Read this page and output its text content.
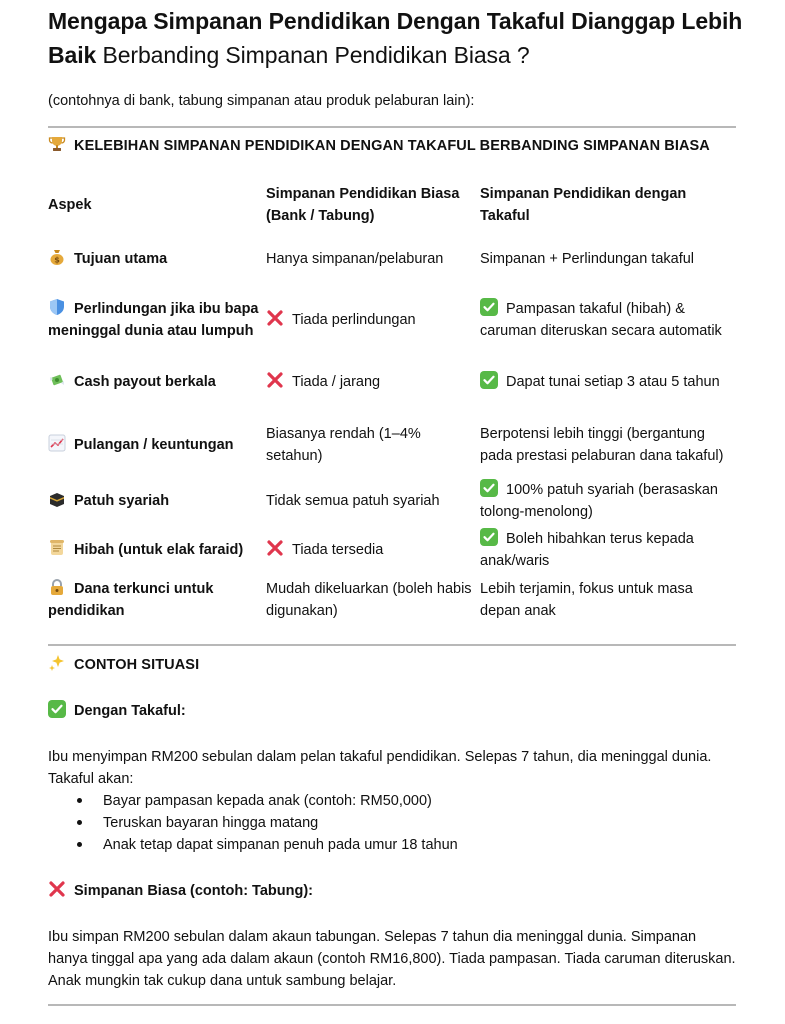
Mengapa Simpanan Pendidikan Dengan Takaful Dianggap Lebih Baik Berbanding Simpanan Pendidikan Biasa ?
(contohnya di bank, tabung simpanan atau produk pelaburan lain):
KELEBIHAN SIMPANAN PENDIDIKAN DENGAN TAKAFUL BERBANDING SIMPANAN BIASA
Aspek	Simpanan Pendidikan Biasa (Bank / Tabung)	Simpanan Pendidikan dengan Takaful

$ Tujuan utama	Hanya simpanan/pelaburan	Simpanan + Perlindungan takaful

Perlindungan jika ibu bapa meninggal dunia atau lumpuh	Tiada perlindungan	Pampasan takaful (hibah) & caruman diteruskan secara automatik

Cash payout berkala	Tiada / jarang	Dapat tunai setiap 3 atau 5 tahun

Pulangan / keuntungan	Biasanya rendah (1–4% setahun)	Berpotensi lebih tinggi (bergantung pada prestasi pelaburan dana takaful)

Patuh syariah	Tidak semua patuh syariah	100% patuh syariah (berasaskan tolong-menolong)

Hibah (untuk elak faraid)	Tiada tersedia	Boleh hibahkan terus kepada anak/waris

Dana terkunci untuk pendidikan	Mudah dikeluarkan (boleh habis digunakan)	Lebih terjamin, fokus untuk masa depan anak
CONTOH SITUASI
Dengan Takaful:
Ibu menyimpan RM200 sebulan dalam pelan takaful pendidikan. Selepas 7 tahun, dia meninggal dunia. Takaful akan:
Bayar pampasan kepada anak (contoh: RM50,000)
Teruskan bayaran hingga matang
Anak tetap dapat simpanan penuh pada umur 18 tahun
Simpanan Biasa (contoh: Tabung):
Ibu simpan RM200 sebulan dalam akaun tabungan. Selepas 7 tahun dia meninggal dunia. Simpanan hanya tinggal apa yang ada dalam akaun (contoh RM16,800). Tiada pampasan. Tiada caruman diteruskan. Anak mungkin tak cukup dana untuk sambung belajar.
